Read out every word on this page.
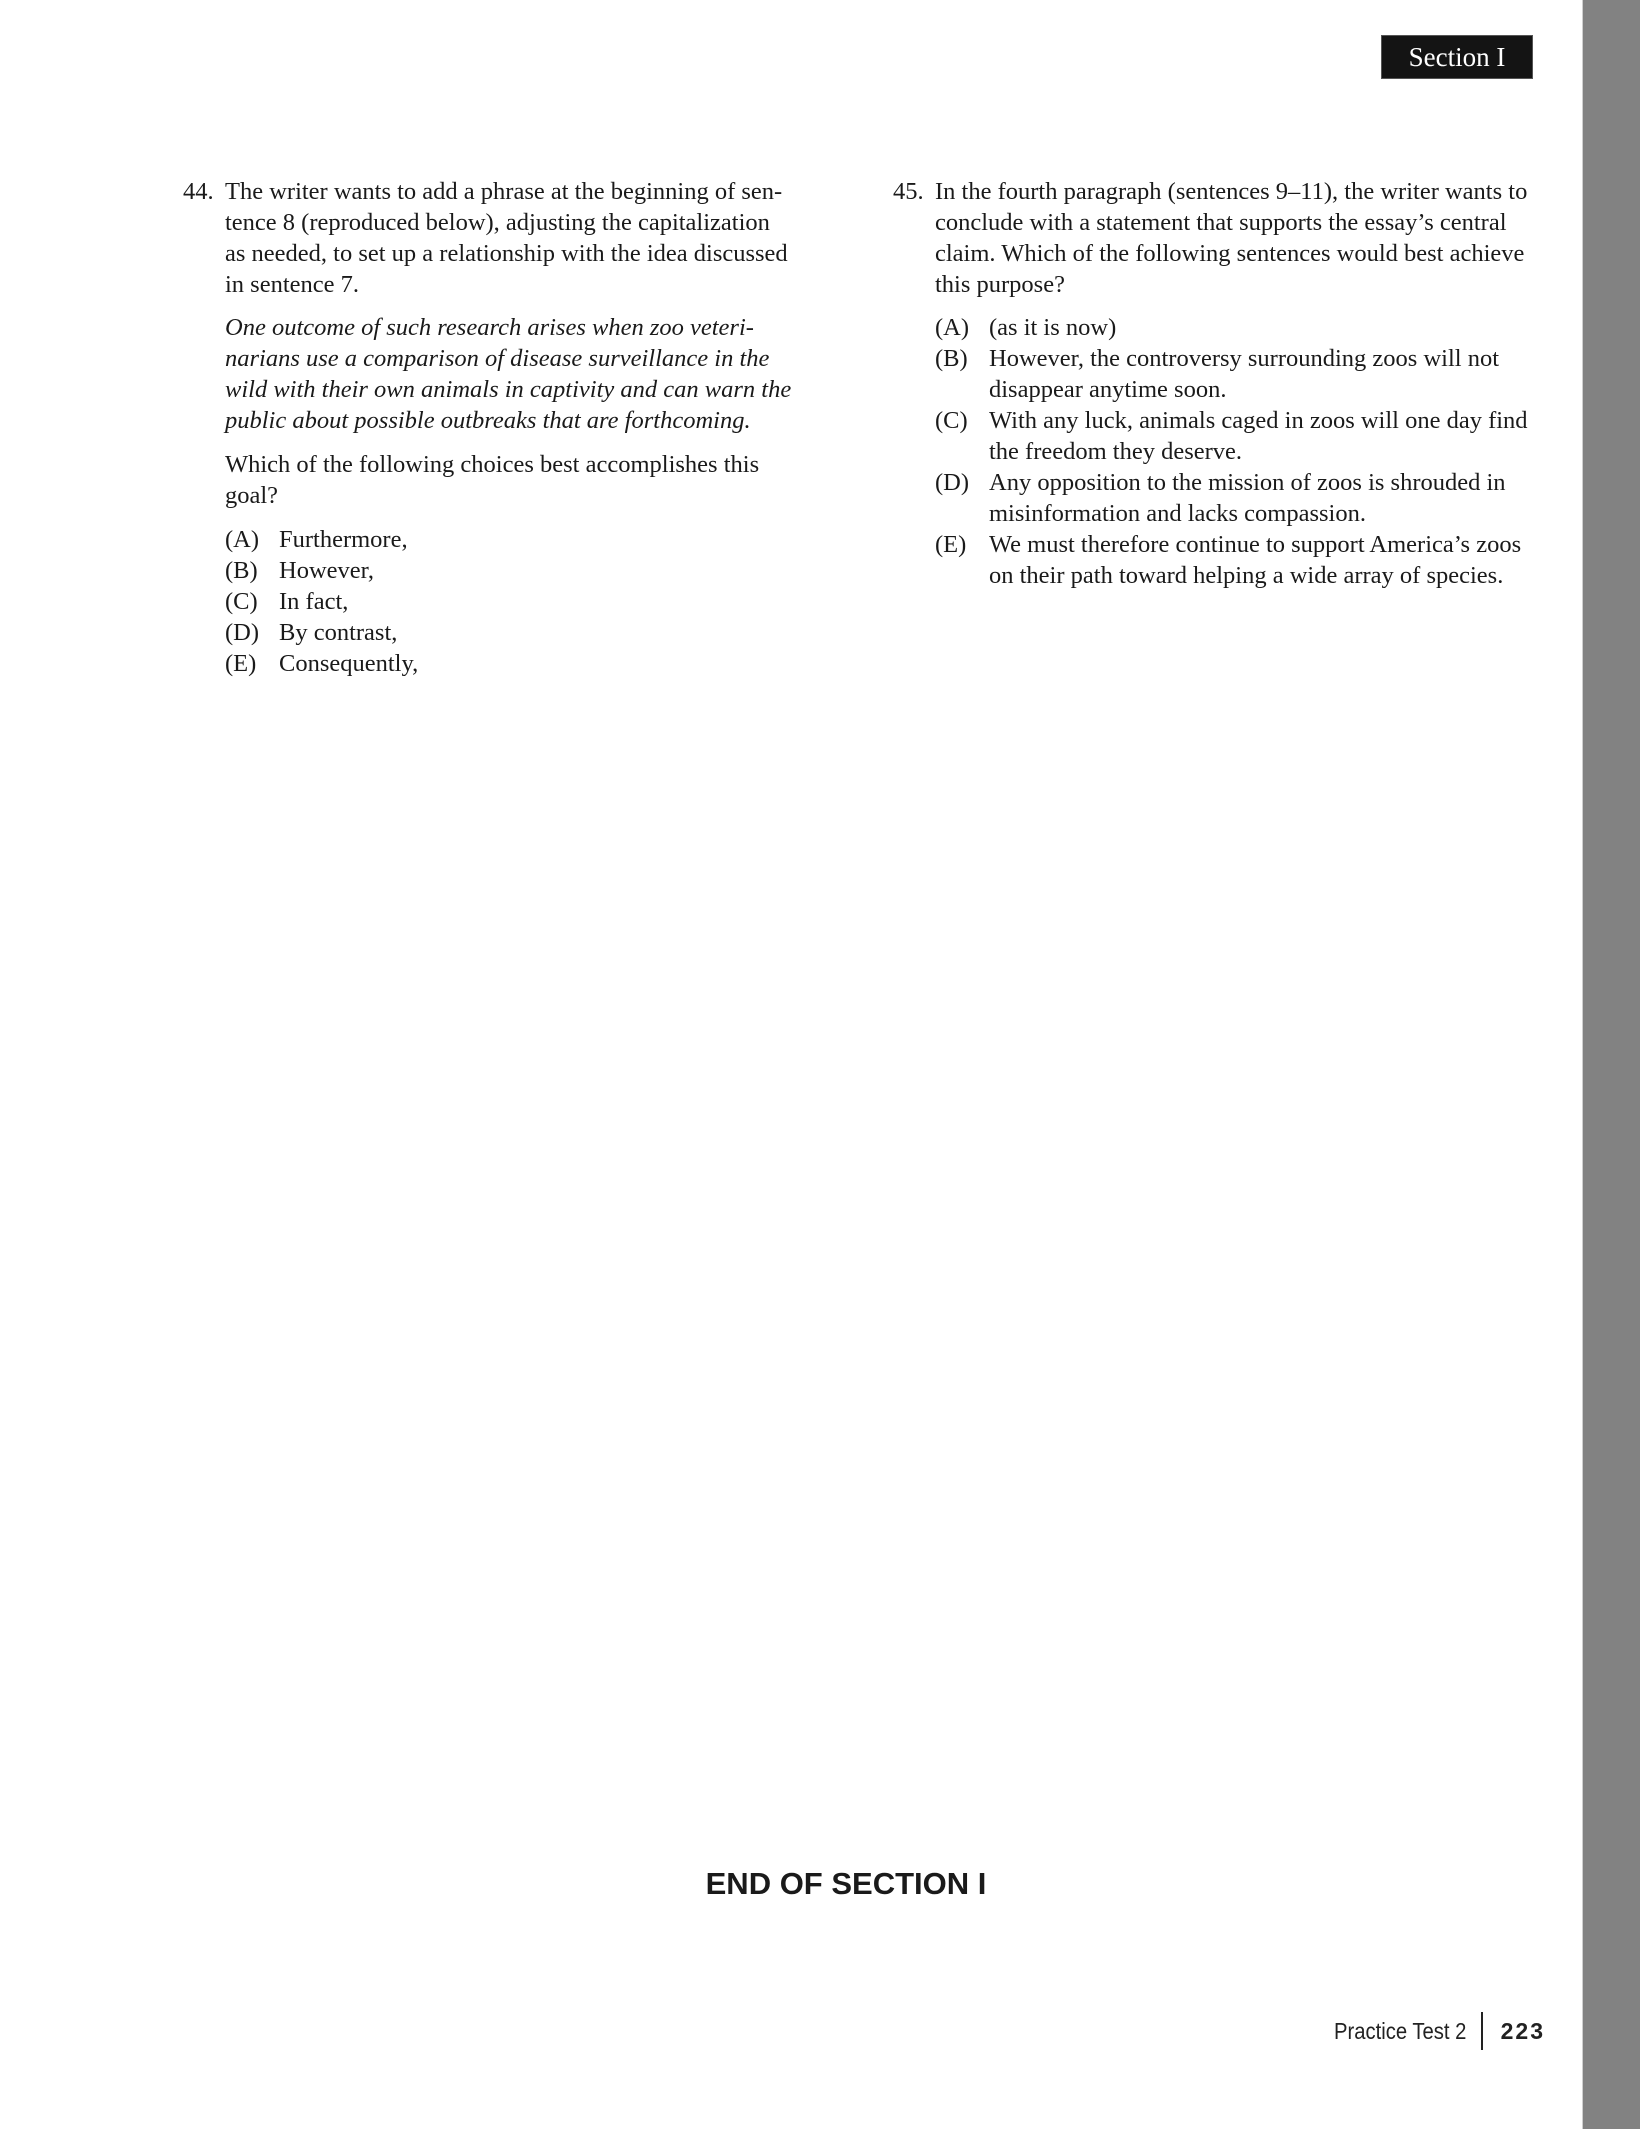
Section I
44. The writer wants to add a phrase at the beginning of sen-
tence 8 (reproduced below), adjusting the capitalization
as needed, to set up a relationship with the idea discussed
in sentence 7.
One outcome of such research arises when zoo veteri-
narians use a comparison of disease surveillance in the
wild with their own animals in captivity and can warn the
public about possible outbreaks that are forthcoming.
Which of the following choices best accomplishes this goal?
(A) Furthermore,
(B) However,
(C) In fact,
(D) By contrast,
(E) Consequently,
45. In the fourth paragraph (sentences 9–11), the writer wants to conclude with a statement that supports the essay’s central claim. Which of the following sentences would best achieve this purpose?
(A) (as it is now)
(B) However, the controversy surrounding zoos will not disappear anytime soon.
(C) With any luck, animals caged in zoos will one day find the freedom they deserve.
(D) Any opposition to the mission of zoos is shrouded in misinformation and lacks compassion.
(E) We must therefore continue to support America’s zoos on their path toward helping a wide array of species.
END OF SECTION I
Practice Test 2 223
